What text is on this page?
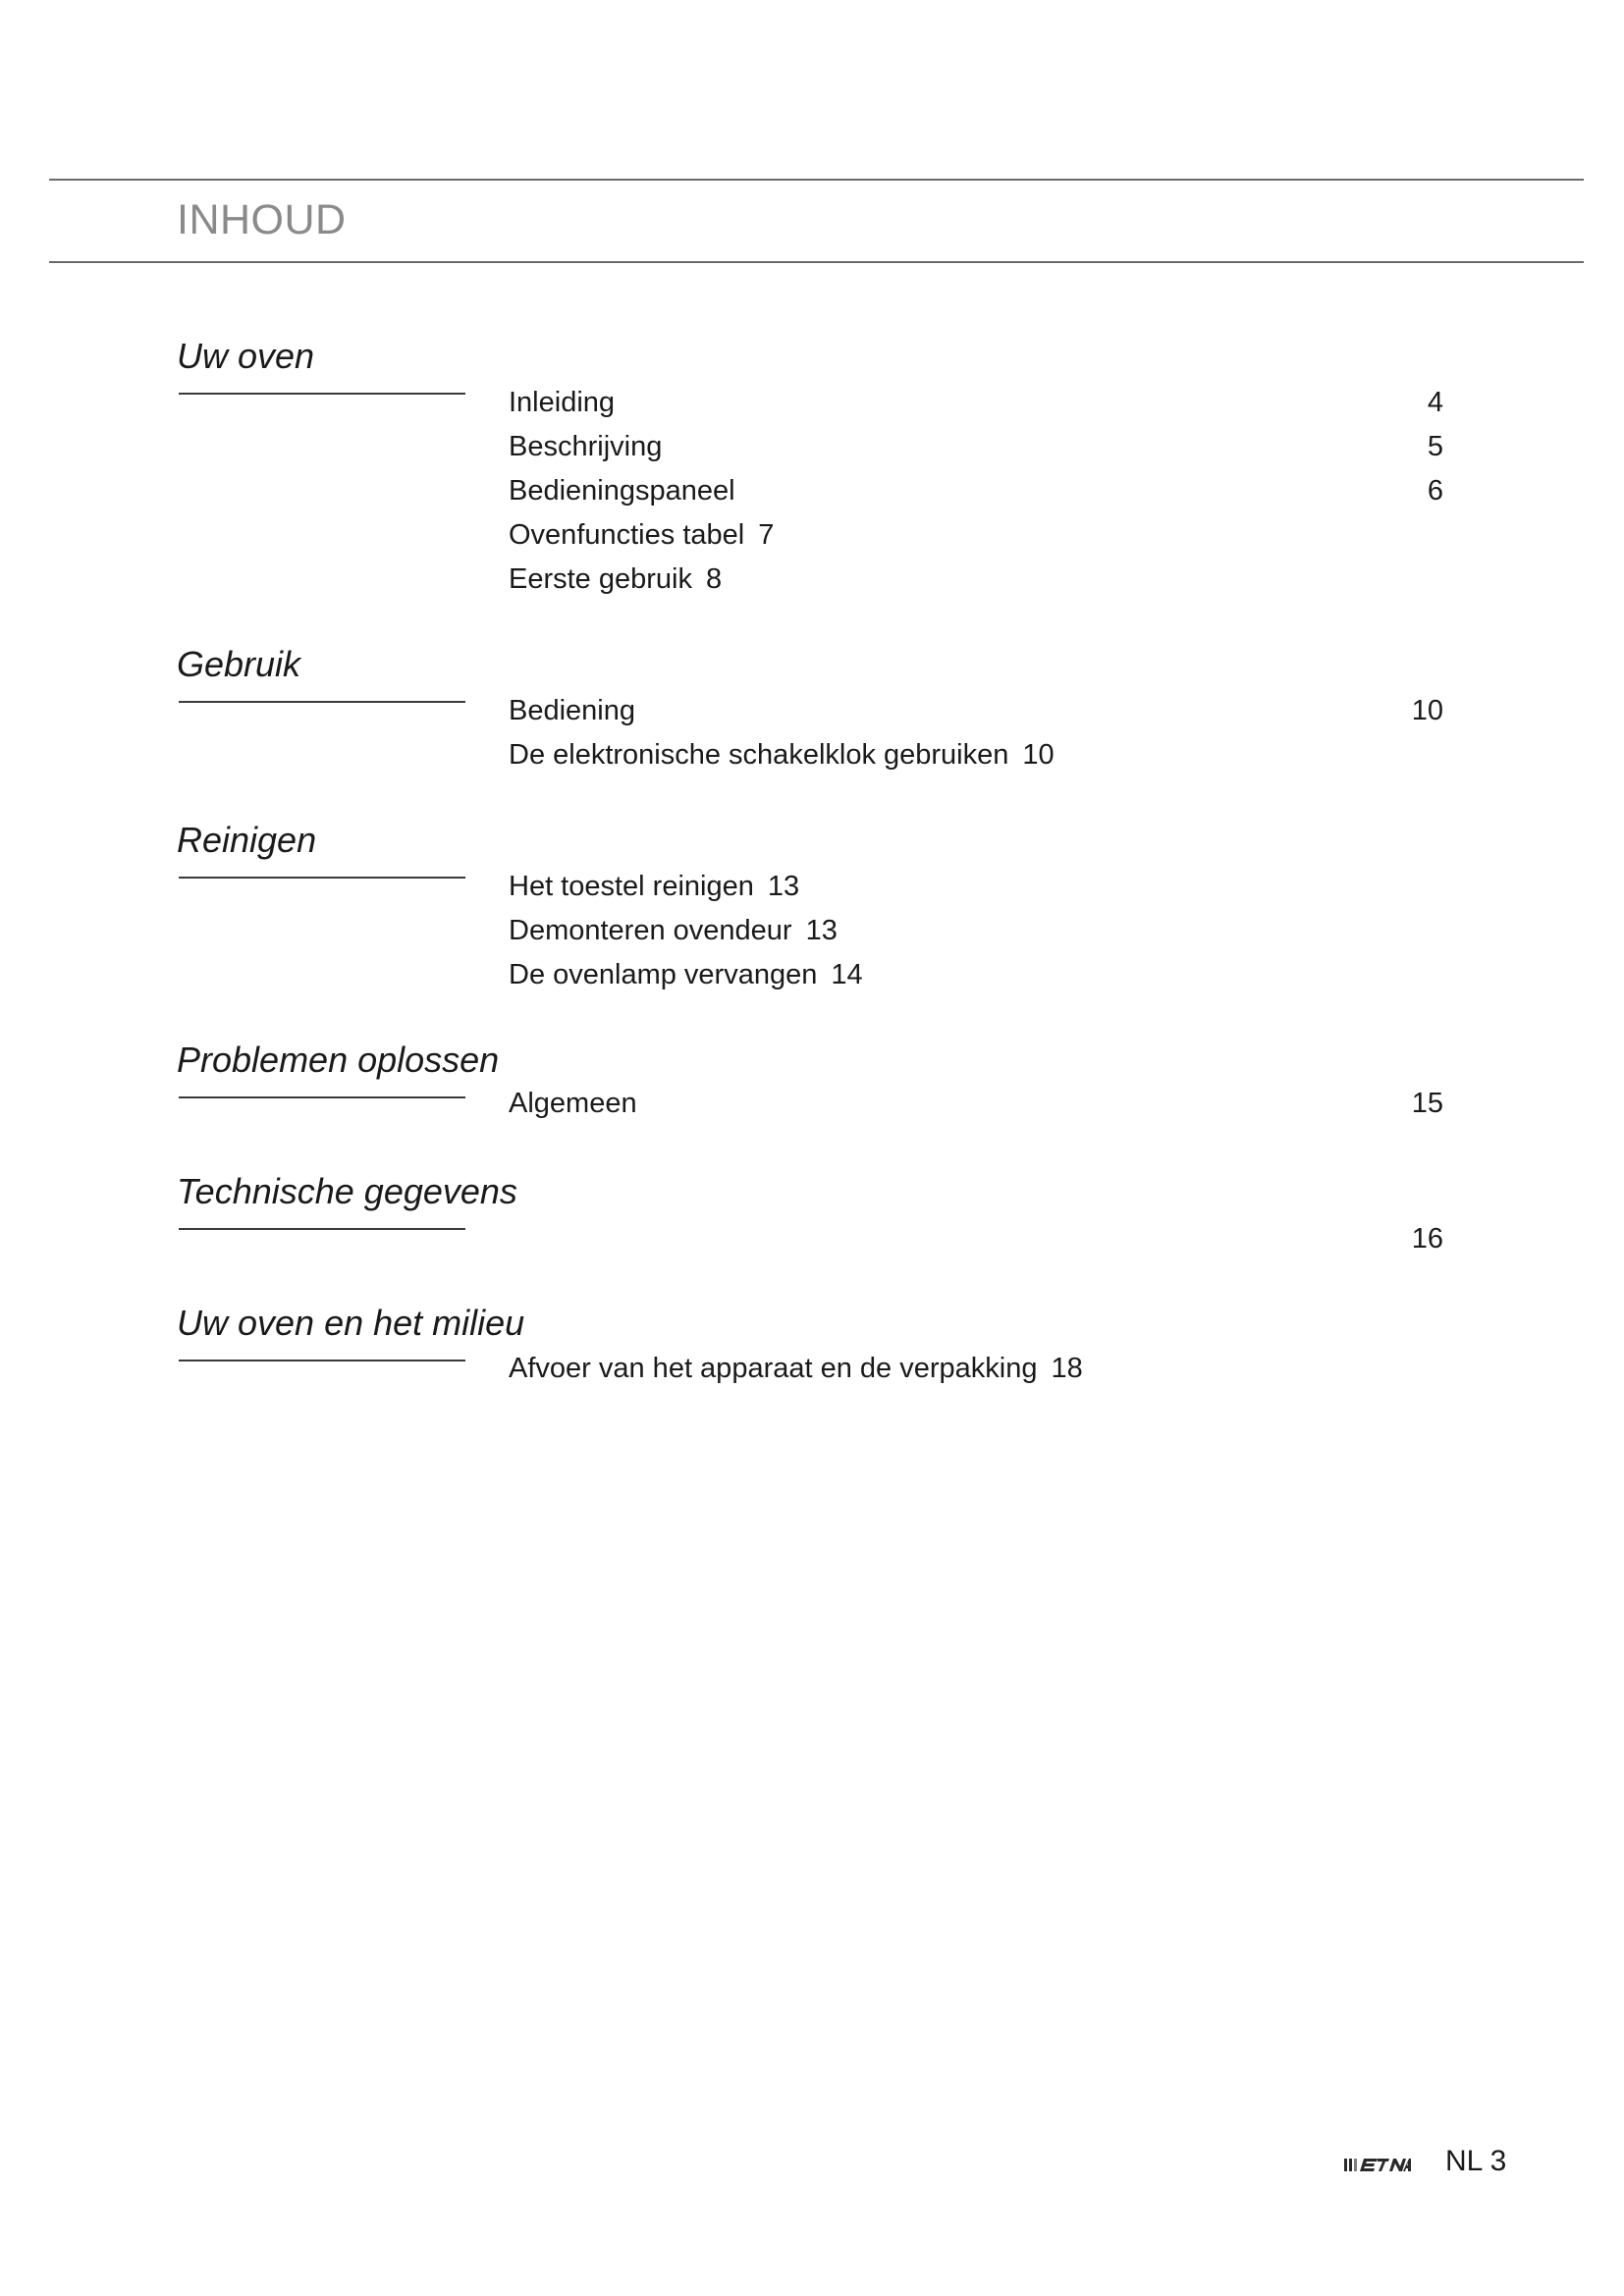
INHOUD
Uw oven
Inleiding	4
Beschrijving	5
Bedieningspaneel	6
Ovenfuncties tabel 7
Eerste gebruik 8
Gebruik
Bediening	10
De elektronische schakelklok gebruiken 10
Reinigen
Het toestel reinigen 13
Demonteren ovendeur 13
De ovenlamp vervangen 14
Problemen oplossen
Algemeen	15
Technische gegevens
16
Uw oven en het milieu
Afvoer van het apparaat en de verpakking 18
NL 3
